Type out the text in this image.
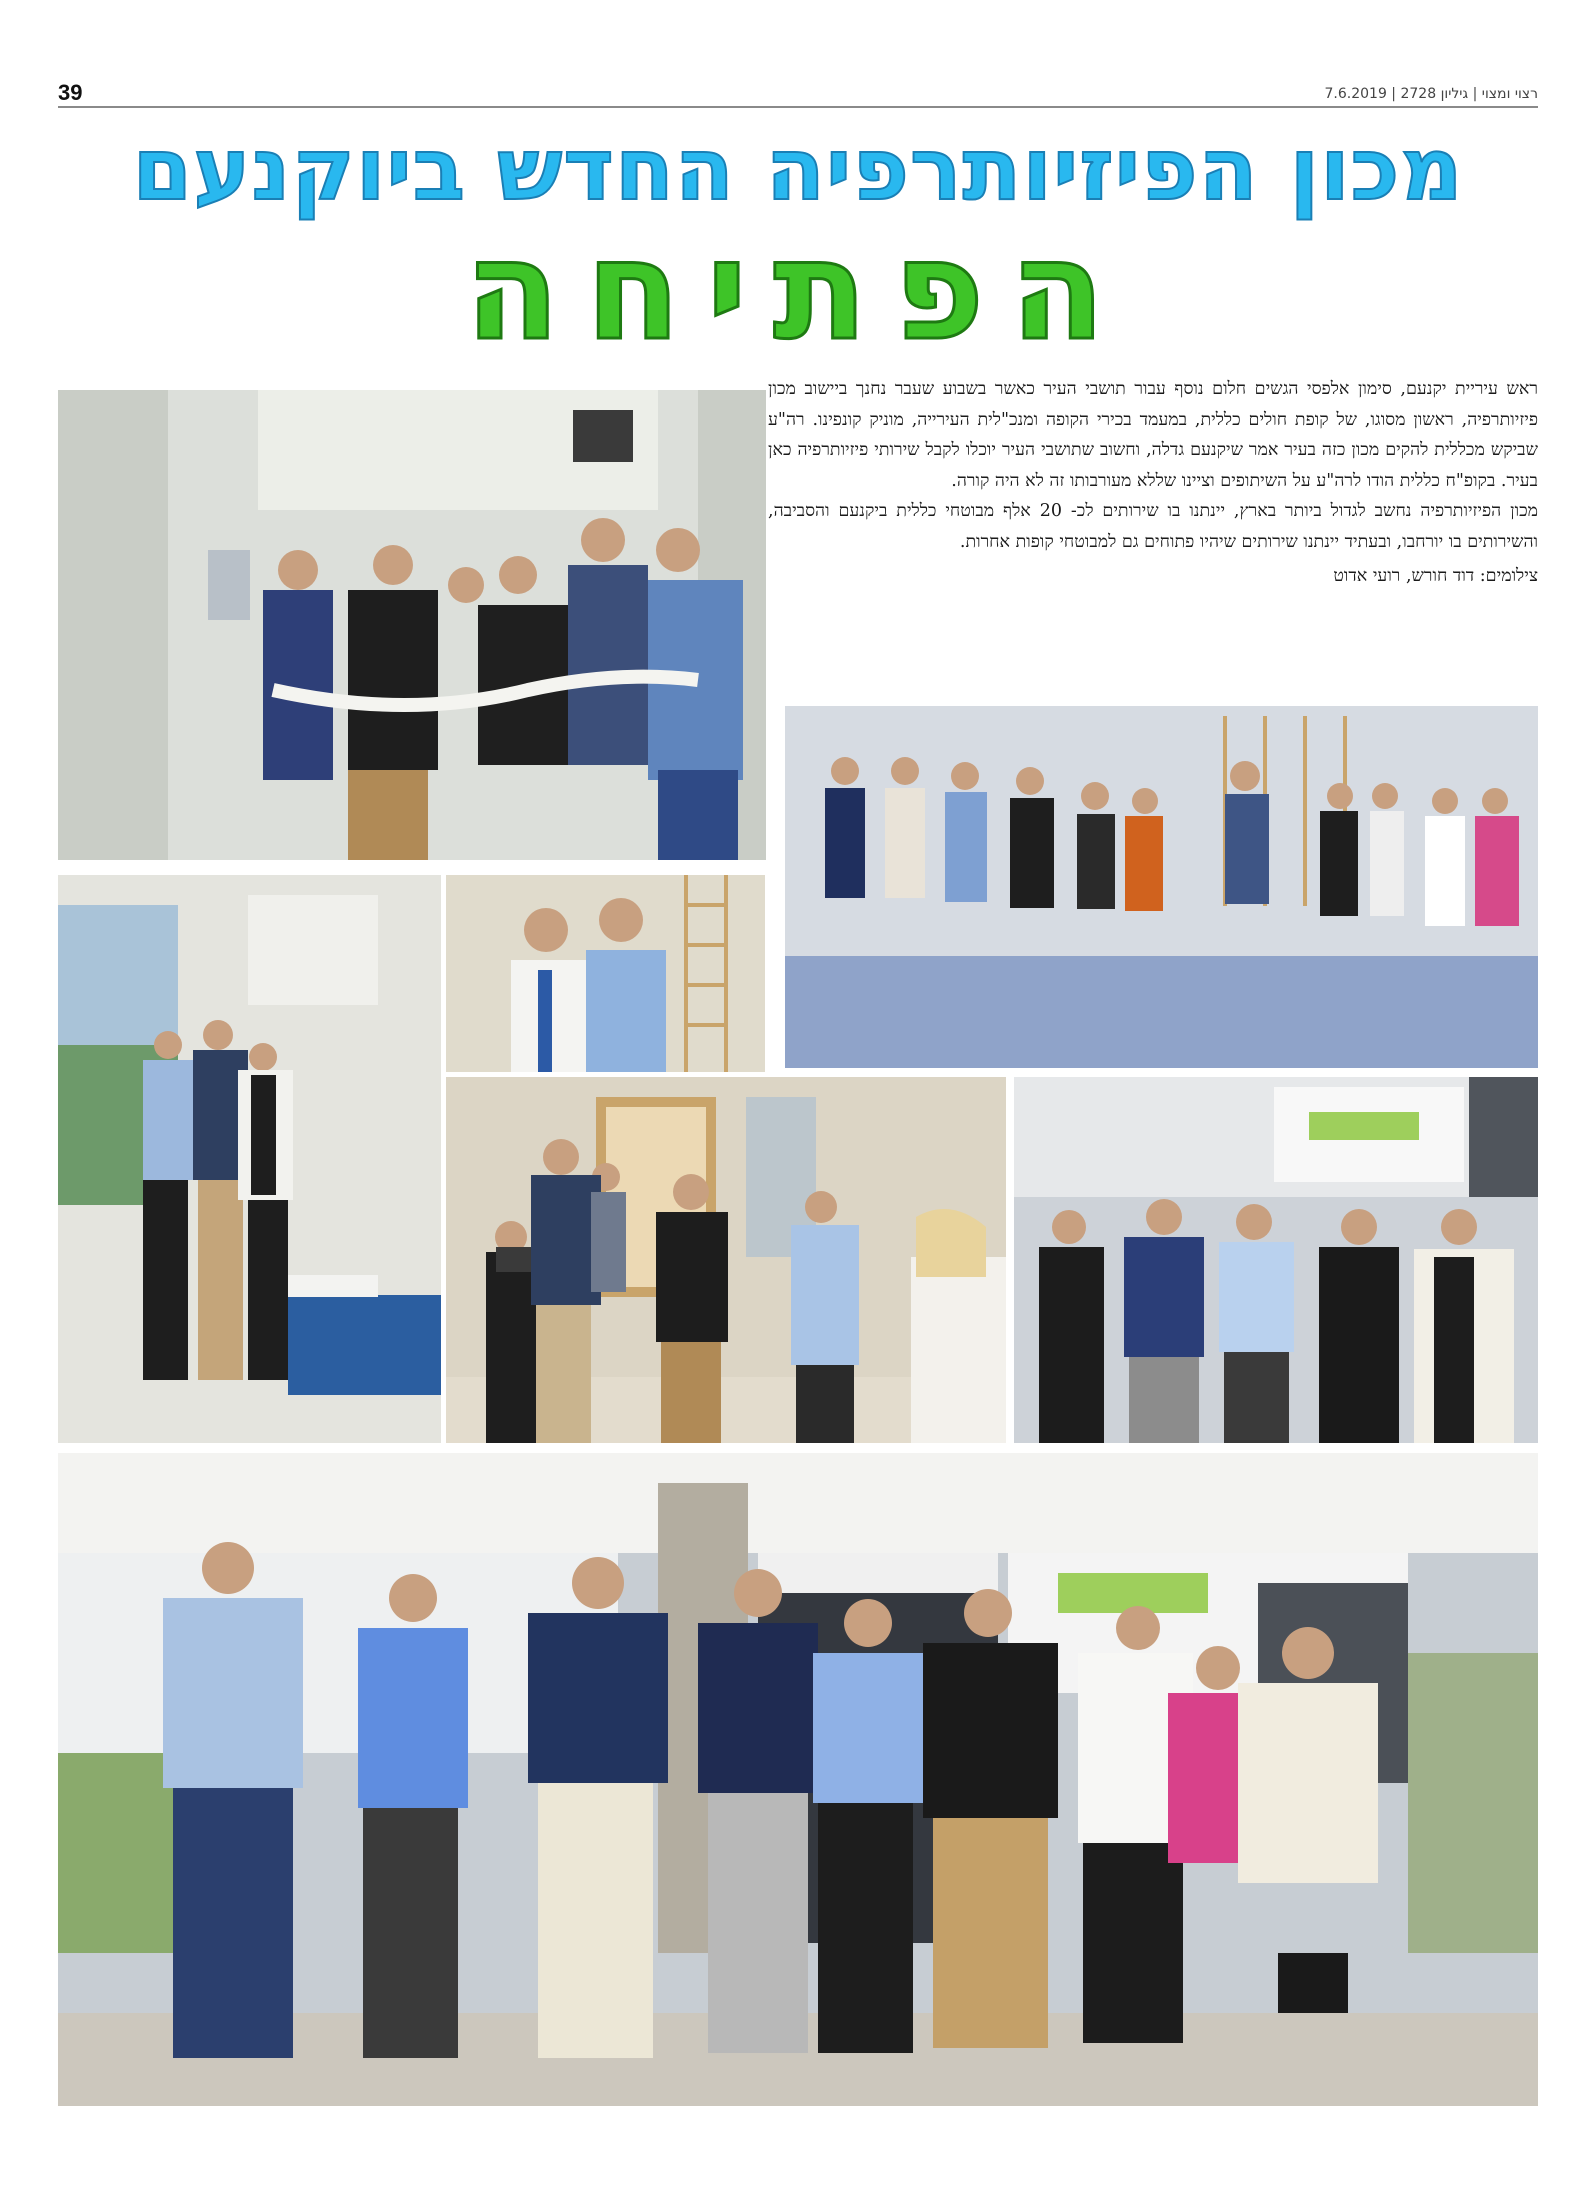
39	רצוי ומצוי | גיליון 2728 | 7.6.2019
מכון הפיזיותרפיה החדש ביוקנעם
הפתיחה

ראש עיריית יקנעם, סימון אלפסי הגשים חלום נוסף עבור תושבי העיר כאשר בשבוע שעבר נחנך ביישוב מכון פיזיותרפיה, ראשון מסוגו, של קופת חולים כללית, במעמד בכירי הקופה ומנכ"לית העירייה, מוניק קונפינו. רה"ע שביקש מכללית להקים מכון כזה בעיר אמר שיקנעם גדלה, וחשוב שתושבי העיר יוכלו לקבל שירותי פיזיותרפיה כאן בעיר. בקופ"ח כללית הודו לרה"ע על השיתופים וציינו שללא מעורבותו זה לא היה קורה.

מכון הפיזיותרפיה נחשב לגדול ביותר בארץ, יינתנו בו שירותים לכ- 20 אלף מבוטחי כללית ביקנעם והסביבה, והשירותים בו יורחבו, ובעתיד יינתנו שירותים שיהיו פתוחים גם למבוטחי קופות אחרות.

צילומים: דוד חורש, רועי אדוט
